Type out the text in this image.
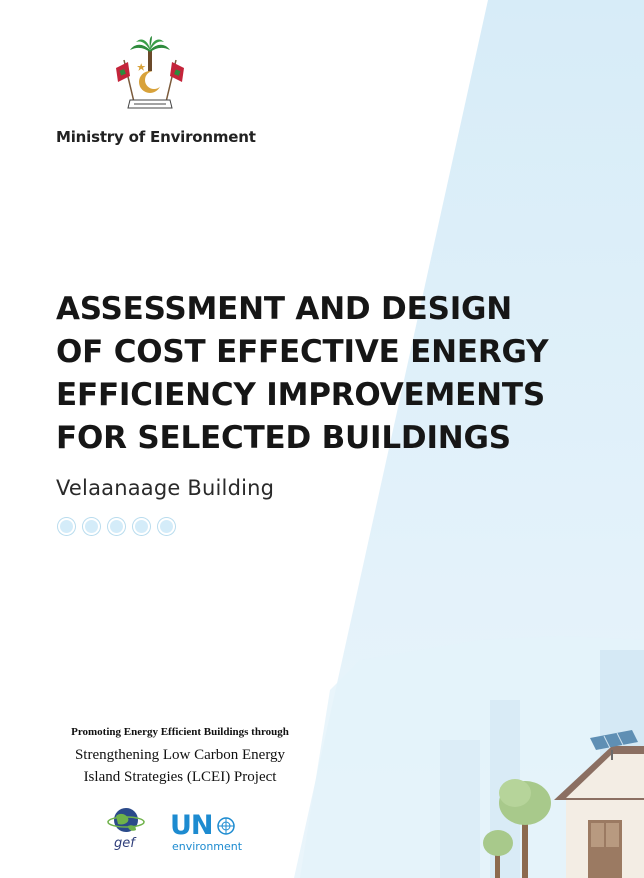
Ministry of Environment
ASSESSMENT AND DESIGN
OF COST EFFECTIVE ENERGY
EFFICIENCY IMPROVEMENTS
FOR SELECTED BUILDINGS
Velaanaage Building
Promoting Energy Efficient Buildings through
Strengthening Low Carbon Energy
Island Strategies (LCEI) Project
gef
UN
environment
